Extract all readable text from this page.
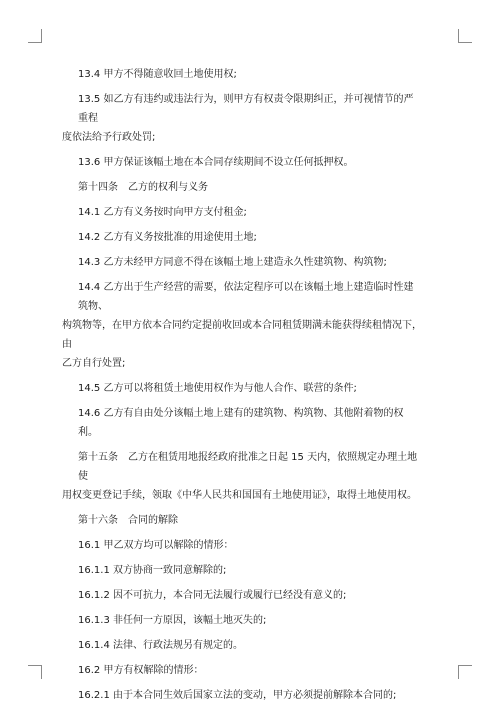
13.4 甲方不得随意收回土地使用权;

13.5 如乙方有违约或违法行为，则甲方有权责令限期纠正，并可视情节的严重程
度依法给予行政处罚;

13.6 甲方保证该幅土地在本合同存续期间不设立任何抵押权。

第十四条　乙方的权利与义务

14.1 乙方有义务按时向甲方支付租金;

14.2 乙方有义务按批准的用途使用土地;

14.3 乙方未经甲方同意不得在该幅土地上建造永久性建筑物、构筑物;

14.4 乙方出于生产经营的需要，依法定程序可以在该幅土地上建造临时性建筑物、
构筑物等，在甲方依本合同约定提前收回或本合同租赁期满未能获得续租情况下，由
乙方自行处置;

14.5 乙方可以将租赁土地使用权作为与他人合作、联营的条件;

14.6 乙方有自由处分该幅土地上建有的建筑物、构筑物、其他附着物的权利。

第十五条　乙方在租赁用地报经政府批准之日起 15 天内，依照规定办理土地使
用权变更登记手续，领取《中华人民共和国国有土地使用证》，取得土地使用权。

第十六条　合同的解除

16.1 甲乙双方均可以解除的情形：

16.1.1 双方协商一致同意解除的;

16.1.2 因不可抗力，本合同无法履行或履行已经没有意义的;

16.1.3 非任何一方原因，该幅土地灭失的;

16.1.4 法律、行政法规另有规定的。

16.2 甲方有权解除的情形：

16.2.1 由于本合同生效后国家立法的变动，甲方必须提前解除本合同的;
